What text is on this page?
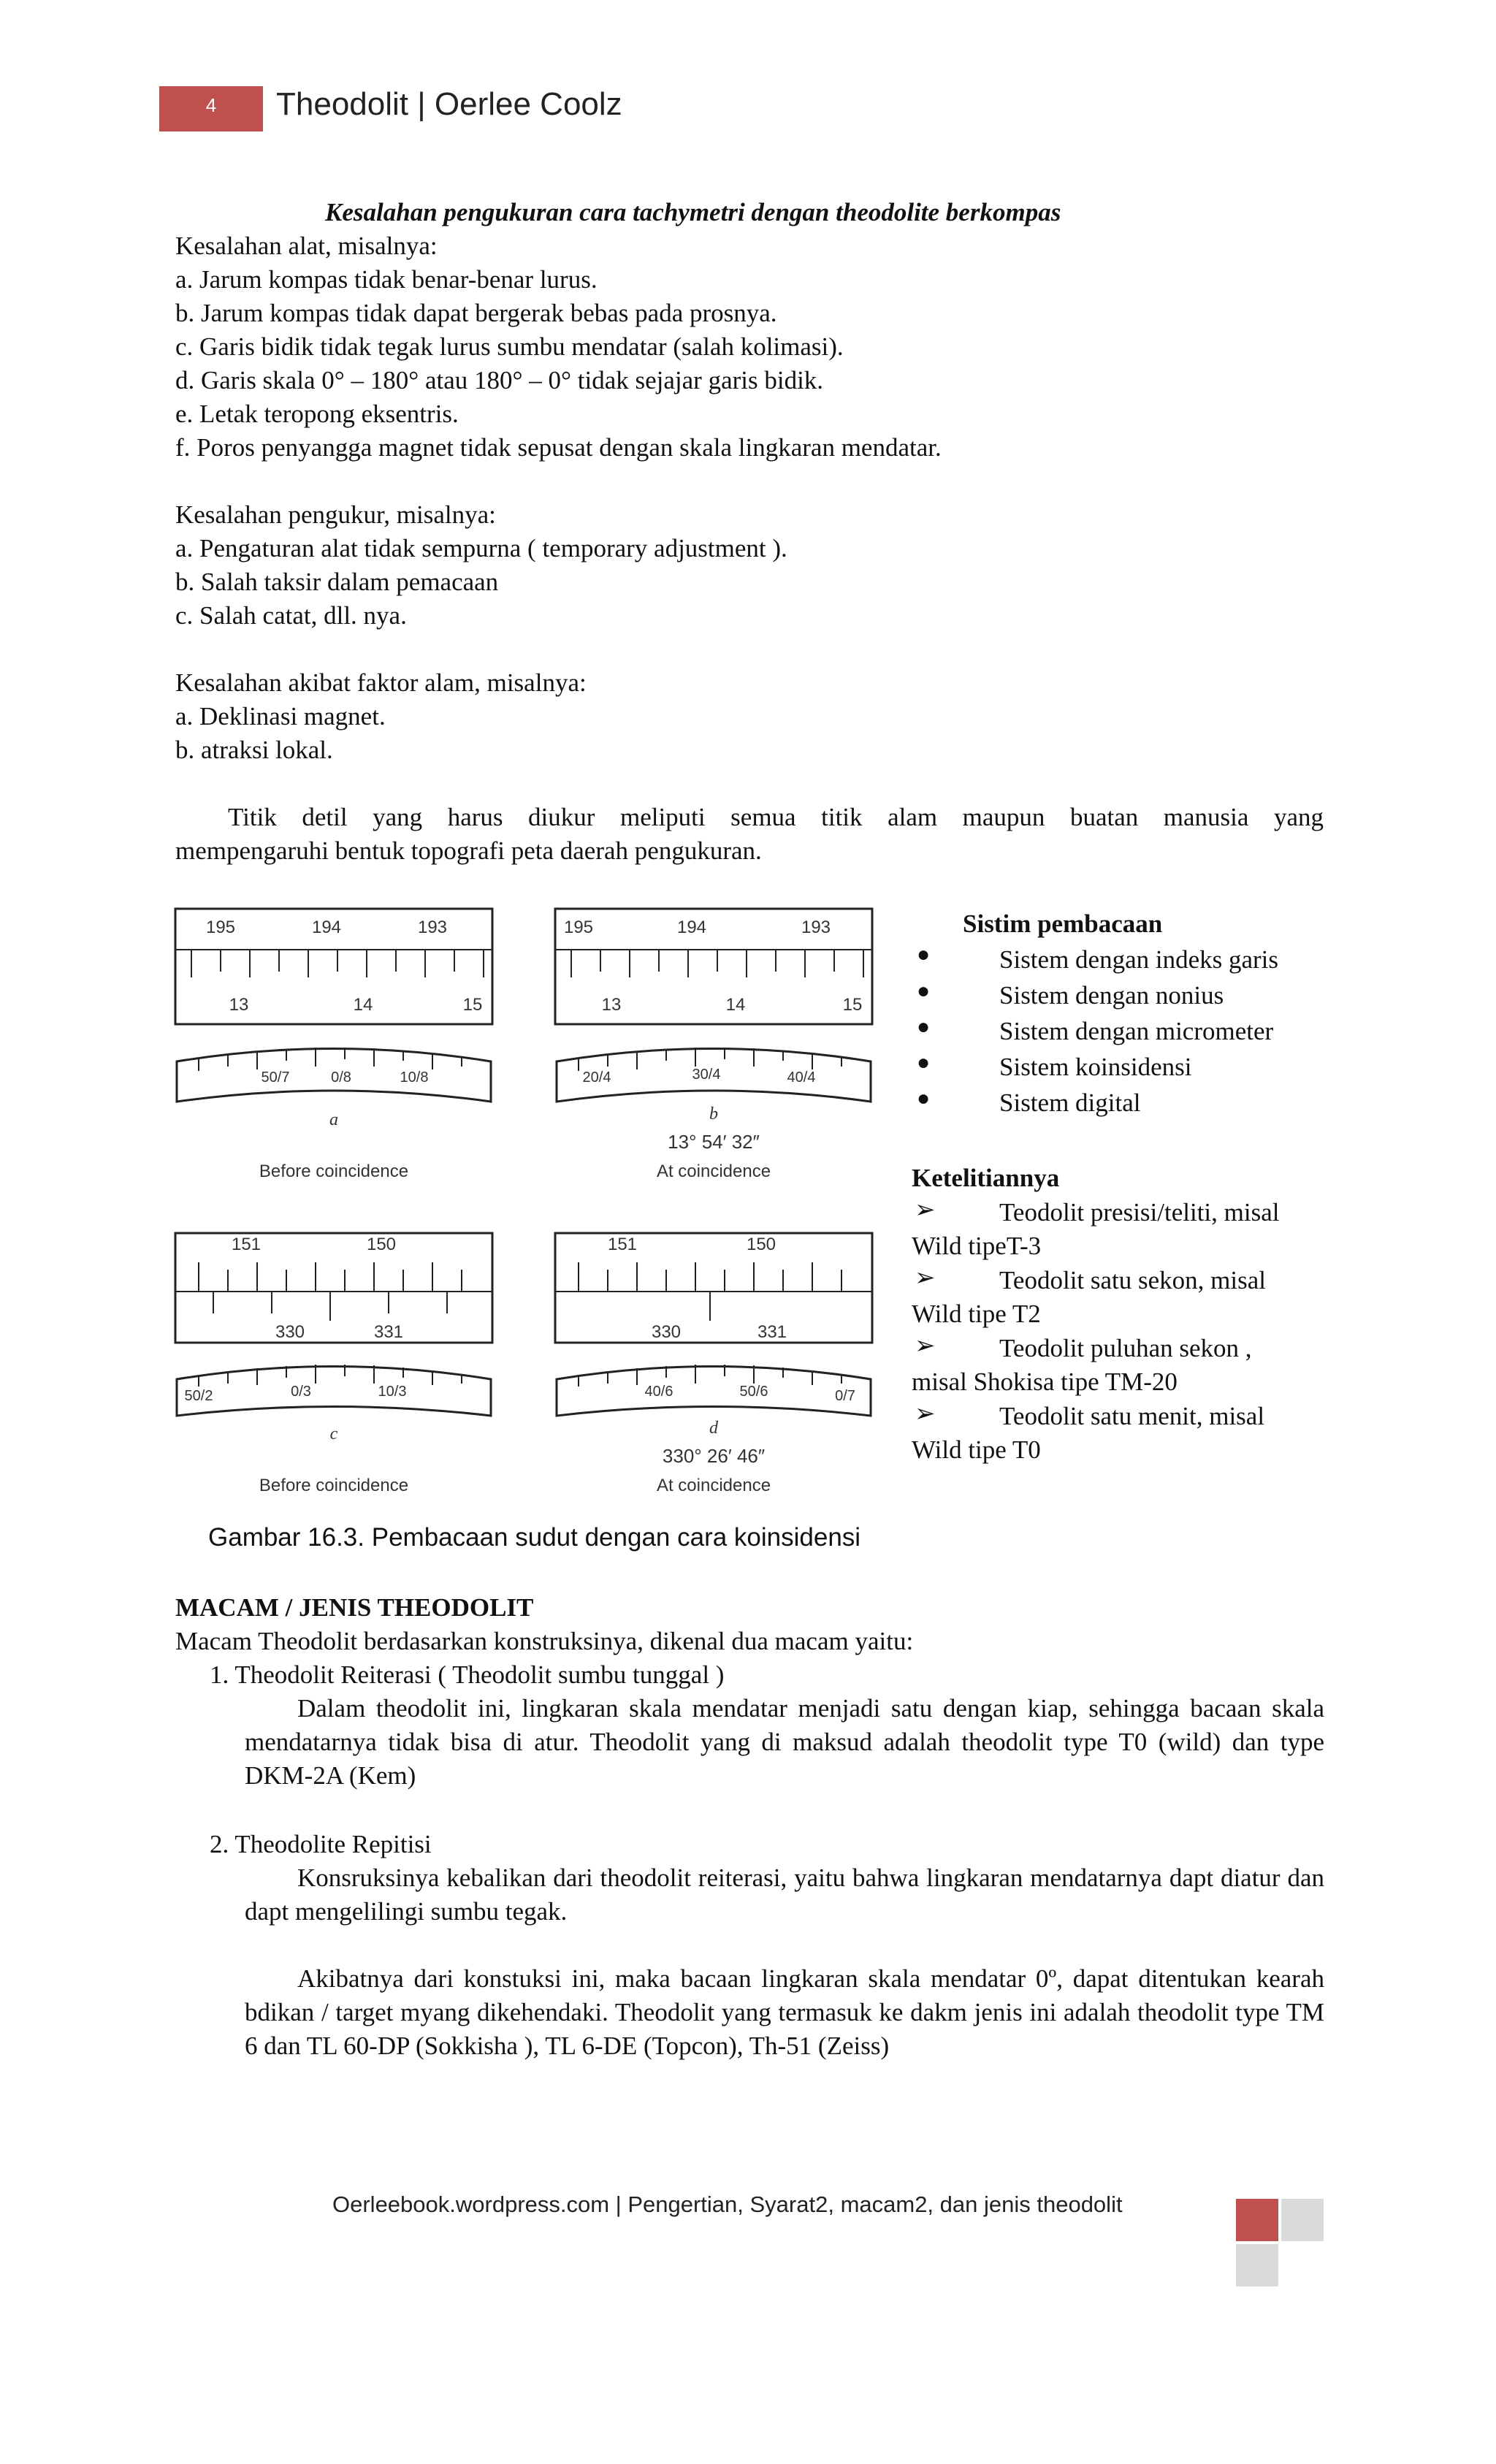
4	Theodolit | Oerlee Coolz
Kesalahan pengukuran cara tachymetri dengan theodolite berkompas
Kesalahan alat, misalnya:
a. Jarum kompas tidak benar-benar lurus.
b. Jarum kompas tidak dapat bergerak bebas pada prosnya.
c. Garis bidik tidak tegak lurus sumbu mendatar (salah kolimasi).
d. Garis skala 0° – 180° atau 180° – 0° tidak sejajar garis bidik.
e. Letak teropong eksentris.
f. Poros penyangga magnet tidak sepusat dengan skala lingkaran mendatar.
Kesalahan pengukur, misalnya:
a. Pengaturan alat tidak sempurna ( temporary adjustment ).
b. Salah taksir dalam pemacaan
c. Salah catat, dll. nya.
Kesalahan akibat faktor alam, misalnya:
a. Deklinasi magnet.
b. atraksi lokal.
Titik detil yang harus diukur meliputi semua titik alam maupun buatan manusia yang
mempengaruhi bentuk topografi peta daerah pengukuran.
195	194	193
13	14	15
50/7	0/8	10/8
a
Before coincidence
195	194	193
13	14	15
20/4	30/4	40/4
b
13° 54′ 32″
At coincidence
151	150
330	331
50/2	0/3	10/3
c
Before coincidence
151	150
330	331
40/6	50/6	0/7
d
330° 26′ 46″
At coincidence
Gambar 16.3. Pembacaan sudut dengan cara koinsidensi
Sistim pembacaan
●	Sistem dengan indeks garis
●	Sistem dengan nonius
●	Sistem dengan micrometer
●	Sistem koinsidensi
●	Sistem digital
Ketelitiannya
➢	Teodolit presisi/teliti, misal
Wild tipeT-3
➢	Teodolit satu sekon, misal
Wild tipe T2
➢	Teodolit puluhan sekon ,
misal Shokisa tipe TM-20
➢	Teodolit satu menit, misal
Wild tipe T0
MACAM / JENIS THEODOLIT
Macam Theodolit berdasarkan konstruksinya, dikenal dua macam yaitu:
1. Theodolit Reiterasi ( Theodolit sumbu tunggal )
Dalam theodolit ini, lingkaran skala mendatar menjadi satu dengan kiap, sehingga bacaan skala mendatarnya tidak bisa di atur. Theodolit yang di maksud adalah theodolit type T0 (wild) dan type DKM-2A (Kem)
2. Theodolite Repitisi
Konsruksinya kebalikan dari theodolit reiterasi, yaitu bahwa lingkaran mendatarnya dapt diatur dan dapt mengelilingi sumbu tegak.
Akibatnya dari konstuksi ini, maka bacaan lingkaran skala mendatar 0º, dapat ditentukan kearah bdikan / target myang dikehendaki. Theodolit yang termasuk ke dakm jenis ini adalah theodolit type TM 6 dan TL 60-DP (Sokkisha ), TL 6-DE (Topcon), Th-51 (Zeiss)
Oerleebook.wordpress.com | Pengertian, Syarat2, macam2, dan jenis theodolit
